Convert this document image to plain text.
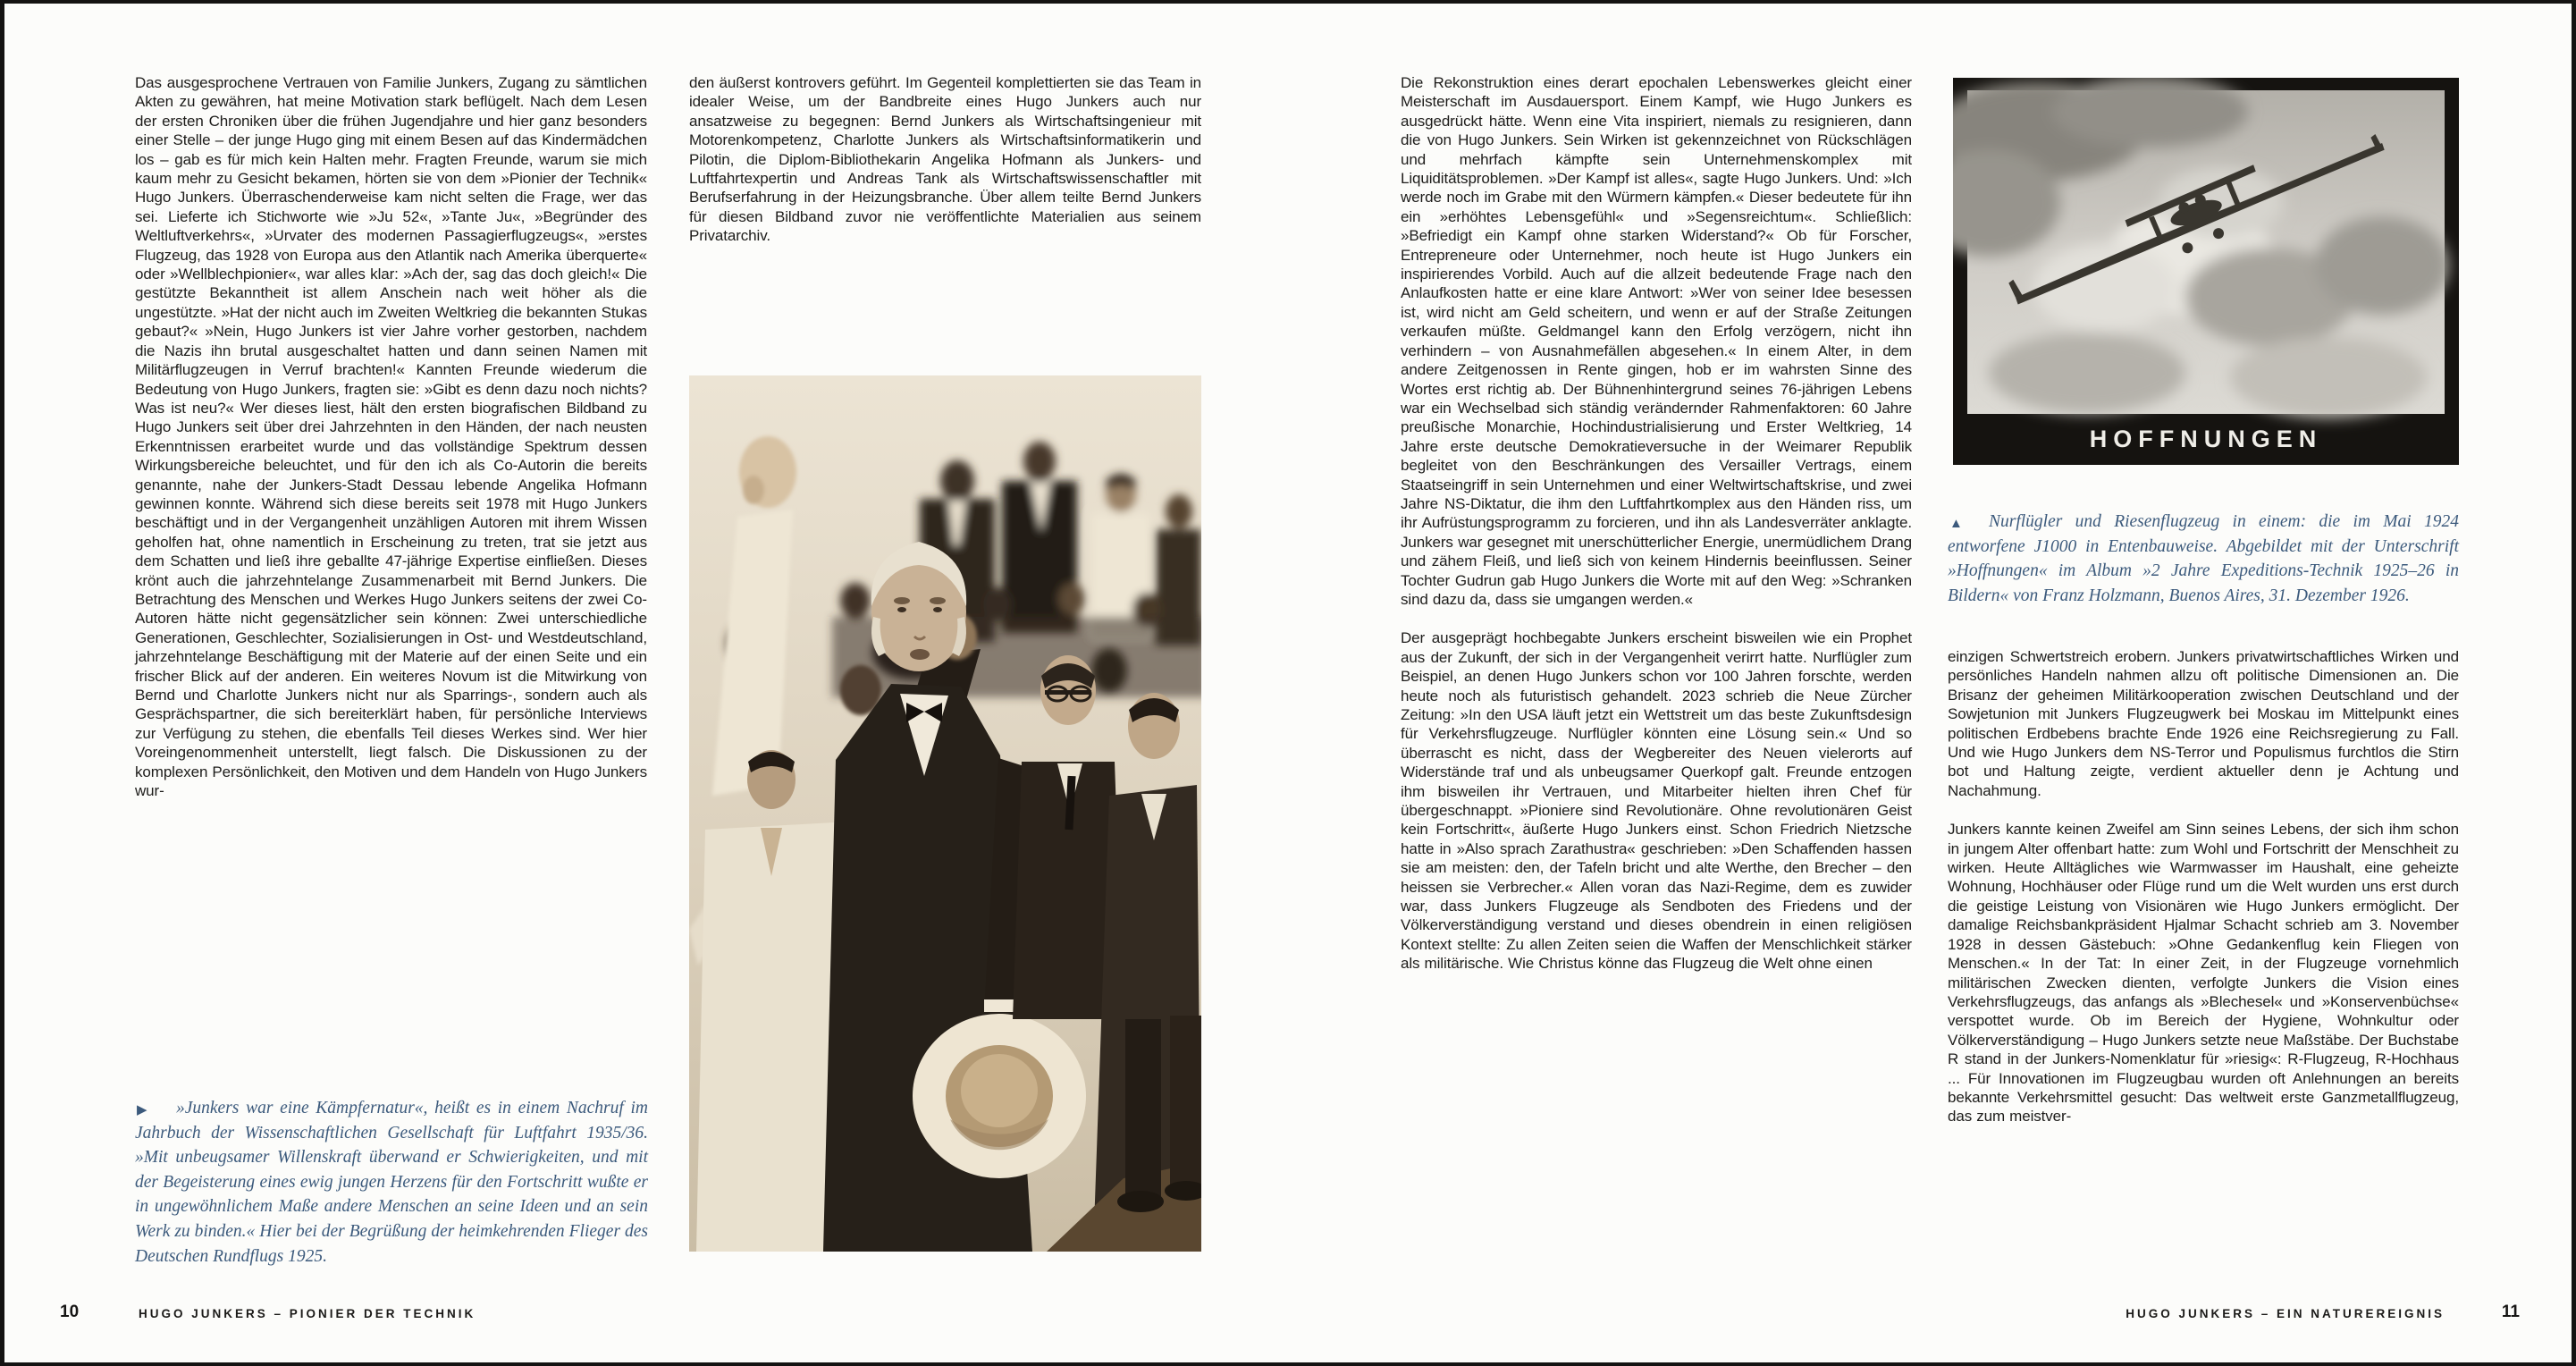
Das ausgesprochene Vertrauen von Familie Junkers, Zugang zu sämtlichen Akten zu gewähren, hat meine Motivation stark beflügelt. Nach dem Lesen der ersten Chroniken über die frühen Jugendjahre und hier ganz besonders einer Stelle – der junge Hugo ging mit einem Besen auf das Kindermädchen los – gab es für mich kein Halten mehr. Fragten Freunde, warum sie mich kaum mehr zu Gesicht bekamen, hörten sie von dem »Pionier der Technik« Hugo Junkers. Überraschenderweise kam nicht selten die Frage, wer das sei. Lieferte ich Stichworte wie »Ju 52«, »Tante Ju«, »Begründer des Weltluftverkehrs«, »Urvater des modernen Passagierflugzeugs«, »erstes Flugzeug, das 1928 von Europa aus den Atlantik nach Amerika überquerte« oder »Wellblechpionier«, war alles klar: »Ach der, sag das doch gleich!« Die gestützte Bekanntheit ist allem Anschein nach weit höher als die ungestützte. »Hat der nicht auch im Zweiten Weltkrieg die bekannten Stukas gebaut?« »Nein, Hugo Junkers ist vier Jahre vorher gestorben, nachdem die Nazis ihn brutal ausgeschaltet hatten und dann seinen Namen mit Militärflugzeugen in Verruf brachten!« Kannten Freunde wiederum die Bedeutung von Hugo Junkers, fragten sie: »Gibt es denn dazu noch nichts? Was ist neu?« Wer dieses liest, hält den ersten biografischen Bildband zu Hugo Junkers seit über drei Jahrzehnten in den Händen, der nach neusten Erkenntnissen erarbeitet wurde und das vollständige Spektrum dessen Wirkungsbereiche beleuchtet, und für den ich als Co-Autorin die bereits genannte, nahe der Junkers-Stadt Dessau lebende Angelika Hofmann gewinnen konnte. Während sich diese bereits seit 1978 mit Hugo Junkers beschäftigt und in der Vergangenheit unzähligen Autoren mit ihrem Wissen geholfen hat, ohne namentlich in Erscheinung zu treten, trat sie jetzt aus dem Schatten und ließ ihre geballte 47-jährige Expertise einfließen. Dieses krönt auch die jahrzehntelange Zusammenarbeit mit Bernd Junkers. Die Betrachtung des Menschen und Werkes Hugo Junkers seitens der zwei Co-Autoren hätte nicht gegensätzlicher sein können: Zwei unterschiedliche Generationen, Geschlechter, Sozialisierungen in Ost- und Westdeutschland, jahrzehntelange Beschäftigung mit der Materie auf der einen Seite und ein frischer Blick auf der anderen. Ein weiteres Novum ist die Mitwirkung von Bernd und Charlotte Junkers nicht nur als Sparrings-, sondern auch als Gesprächspartner, die sich bereiterklärt haben, für persönliche Interviews zur Verfügung zu stehen, die ebenfalls Teil dieses Werkes sind. Wer hier Voreingenommenheit unterstellt, liegt falsch. Die Diskussionen zu der komplexen Persönlichkeit, den Motiven und dem Handeln von Hugo Junkers wur-

den äußerst kontrovers geführt. Im Gegenteil komplettierten sie das Team in idealer Weise, um der Bandbreite eines Hugo Junkers auch nur ansatzweise zu begegnen: Bernd Junkers als Wirtschaftsingenieur mit Motorenkompetenz, Charlotte Junkers als Wirtschaftsinformatikerin und Pilotin, die Diplom-Bibliothekarin Angelika Hofmann als Junkers- und Luftfahrtexpertin und Andreas Tank als Wirtschaftswissenschaftler mit Berufserfahrung in der Heizungsbranche. Über allem teilte Bernd Junkers für diesen Bildband zuvor nie veröffentlichte Materialien aus seinem Privatarchiv.

▶	»Junkers war eine Kämpfernatur«, heißt es in einem Nachruf im Jahrbuch der Wissenschaftlichen Gesellschaft für Luftfahrt 1935/36. »Mit unbeugsamer Willenskraft überwand er Schwierigkeiten, und mit der Begeisterung eines ewig jungen Herzens für den Fortschritt wußte er in ungewöhnlichem Maße andere Menschen an seine Ideen und an sein Werk zu binden.« Hier bei der Begrüßung der heimkehrenden Flieger des Deutschen Rundflugs 1925.
10	HUGO JUNKERS – PIONIER DER TECHNIK

Die Rekonstruktion eines derart epochalen Lebenswerkes gleicht einer Meisterschaft im Ausdauersport. Einem Kampf, wie Hugo Junkers es ausgedrückt hätte. Wenn eine Vita inspiriert, niemals zu resignieren, dann die von Hugo Junkers. Sein Wirken ist gekennzeichnet von Rückschlägen und mehrfach kämpfte sein Unternehmenskomplex mit Liquiditätsproblemen. »Der Kampf ist alles«, sagte Hugo Junkers. Und: »Ich werde noch im Grabe mit den Würmern kämpfen.« Dieser bedeutete für ihn ein »erhöhtes Lebensgefühl« und »Segensreichtum«. Schließlich: »Befriedigt ein Kampf ohne starken Widerstand?« Ob für Forscher, Entrepreneure oder Unternehmer, noch heute ist Hugo Junkers ein inspirierendes Vorbild. Auch auf die allzeit bedeutende Frage nach den Anlaufkosten hatte er eine klare Antwort: »Wer von seiner Idee besessen ist, wird nicht am Geld scheitern, und wenn er auf der Straße Zeitungen verkaufen müßte. Geldmangel kann den Erfolg verzögern, nicht ihn verhindern – von Ausnahmefällen abgesehen.« In einem Alter, in dem andere Zeitgenossen in Rente gingen, hob er im wahrsten Sinne des Wortes erst richtig ab. Der Bühnenhintergrund seines 76-jährigen Lebens war ein Wechselbad sich ständig verändernder Rahmenfaktoren: 60 Jahre preußische Monarchie, Hochindustrialisierung und Erster Weltkrieg, 14 Jahre erste deutsche Demokratieversuche in der Weimarer Republik begleitet von den Beschränkungen des Versailler Vertrags, einem Staatseingriff in sein Unternehmen und einer Weltwirtschaftskrise, und zwei Jahre NS-Diktatur, die ihm den Luftfahrtkomplex aus den Händen riss, um ihr Aufrüstungsprogramm zu forcieren, und ihn als Landesverräter anklagte. Junkers war gesegnet mit unerschütterlicher Energie, unermüdlichem Drang und zähem Fleiß, und ließ sich von keinem Hindernis beeinflussen. Seiner Tochter Gudrun gab Hugo Junkers die Worte mit auf den Weg: »Schranken sind dazu da, dass sie umgangen werden.«

Der ausgeprägt hochbegabte Junkers erscheint bisweilen wie ein Prophet aus der Zukunft, der sich in der Vergangenheit verirrt hatte. Nurflügler zum Beispiel, an denen Hugo Junkers schon vor 100 Jahren forschte, werden heute noch als futuristisch gehandelt. 2023 schrieb die Neue Zürcher Zeitung: »In den USA läuft jetzt ein Wettstreit um das beste Zukunftsdesign für Verkehrsflugzeuge. Nurflügler könnten eine Lösung sein.« Und so überrascht es nicht, dass der Wegbereiter des Neuen vielerorts auf Widerstände traf und als unbeugsamer Querkopf galt. Freunde entzogen ihm bisweilen ihr Vertrauen, und Mitarbeiter hielten ihren Chef für übergeschnappt. »Pioniere sind Revolutionäre. Ohne revolutionären Geist kein Fortschritt«, äußerte Hugo Junkers einst. Schon Friedrich Nietzsche hatte in »Also sprach Zarathustra« geschrieben: »Den Schaffenden hassen sie am meisten: den, der Tafeln bricht und alte Werthe, den Brecher – den heissen sie Verbrecher.« Allen voran das Nazi-Regime, dem es zuwider war, dass Junkers Flugzeuge als Sendboten des Friedens und der Völkerverständigung verstand und dieses obendrein in einen religiösen Kontext stellte: Zu allen Zeiten seien die Waffen der Menschlichkeit stärker als militärische. Wie Christus könne das Flugzeug die Welt ohne einen

HOFFNUNGEN
▲	Nurflügler und Riesenflugzeug in einem: die im Mai 1924 entworfene J1000 in Entenbauweise. Abgebildet mit der Unterschrift »Hoffnungen« im Album »2 Jahre Expeditions-Technik 1925–26 in Bildern« von Franz Holzmann, Buenos Aires, 31. Dezember 1926.

einzigen Schwertstreich erobern. Junkers privatwirtschaftliches Wirken und persönliches Handeln nahmen allzu oft politische Dimensionen an. Die Brisanz der geheimen Militärkooperation zwischen Deutschland und der Sowjetunion mit Junkers Flugzeugwerk bei Moskau im Mittelpunkt eines politischen Erdbebens brachte Ende 1926 eine Reichsregierung zu Fall. Und wie Hugo Junkers dem NS-Terror und Populismus furchtlos die Stirn bot und Haltung zeigte, verdient aktueller denn je Achtung und Nachahmung.

Junkers kannte keinen Zweifel am Sinn seines Lebens, der sich ihm schon in jungem Alter offenbart hatte: zum Wohl und Fortschritt der Menschheit zu wirken. Heute Alltägliches wie Warmwasser im Haushalt, eine geheizte Wohnung, Hochhäuser oder Flüge rund um die Welt wurden uns erst durch die geistige Leistung von Visionären wie Hugo Junkers ermöglicht. Der damalige Reichsbankpräsident Hjalmar Schacht schrieb am 3. November 1928 in dessen Gästebuch: »Ohne Gedankenflug kein Fliegen von Menschen.« In der Tat: In einer Zeit, in der Flugzeuge vornehmlich militärischen Zwecken dienten, verfolgte Junkers die Vision eines Verkehrsflugzeugs, das anfangs als »Blechesel« und »Konservenbüchse« verspottet wurde. Ob im Bereich der Hygiene, Wohnkultur oder Völkerverständigung – Hugo Junkers setzte neue Maßstäbe. Der Buchstabe R stand in der Junkers-Nomenklatur für »riesig«: R-Flugzeug, R-Hochhaus ... Für Innovationen im Flugzeugbau wurden oft Anlehnungen an bereits bekannte Verkehrsmittel gesucht: Das weltweit erste Ganzmetallflugzeug, das zum meistver-

HUGO JUNKERS – EIN NATUREREIGNIS	11
